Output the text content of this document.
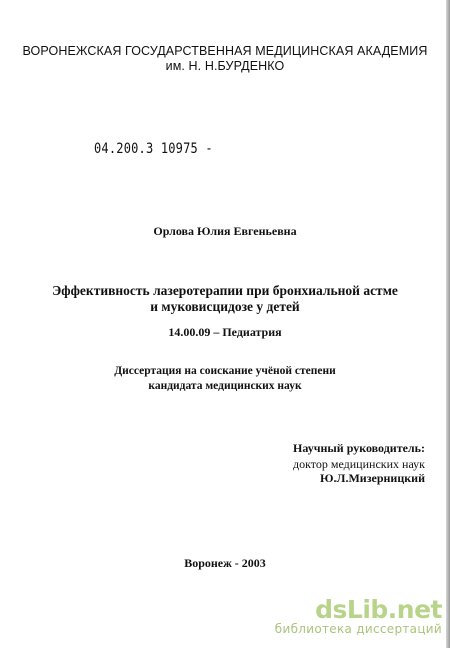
ВОРОНЕЖСКАЯ ГОСУДАРСТВЕННАЯ МЕДИЦИНСКАЯ АКАДЕМИЯ
им. Н. Н.БУРДЕНКО
04.200.3 10975 -
Орлова Юлия Евгеньевна
Эффективность лазеротерапии при бронхиальной астме
и муковисцидозе у детей
14.00.09 – Педиатрия
Диссертация на соискание учёной степени
кандидата медицинских наук
Научный руководитель:
доктор медицинских наук
Ю.Л.Мизерницкий
Воронеж - 2003
dsLib.net
библиотека диссертаций
